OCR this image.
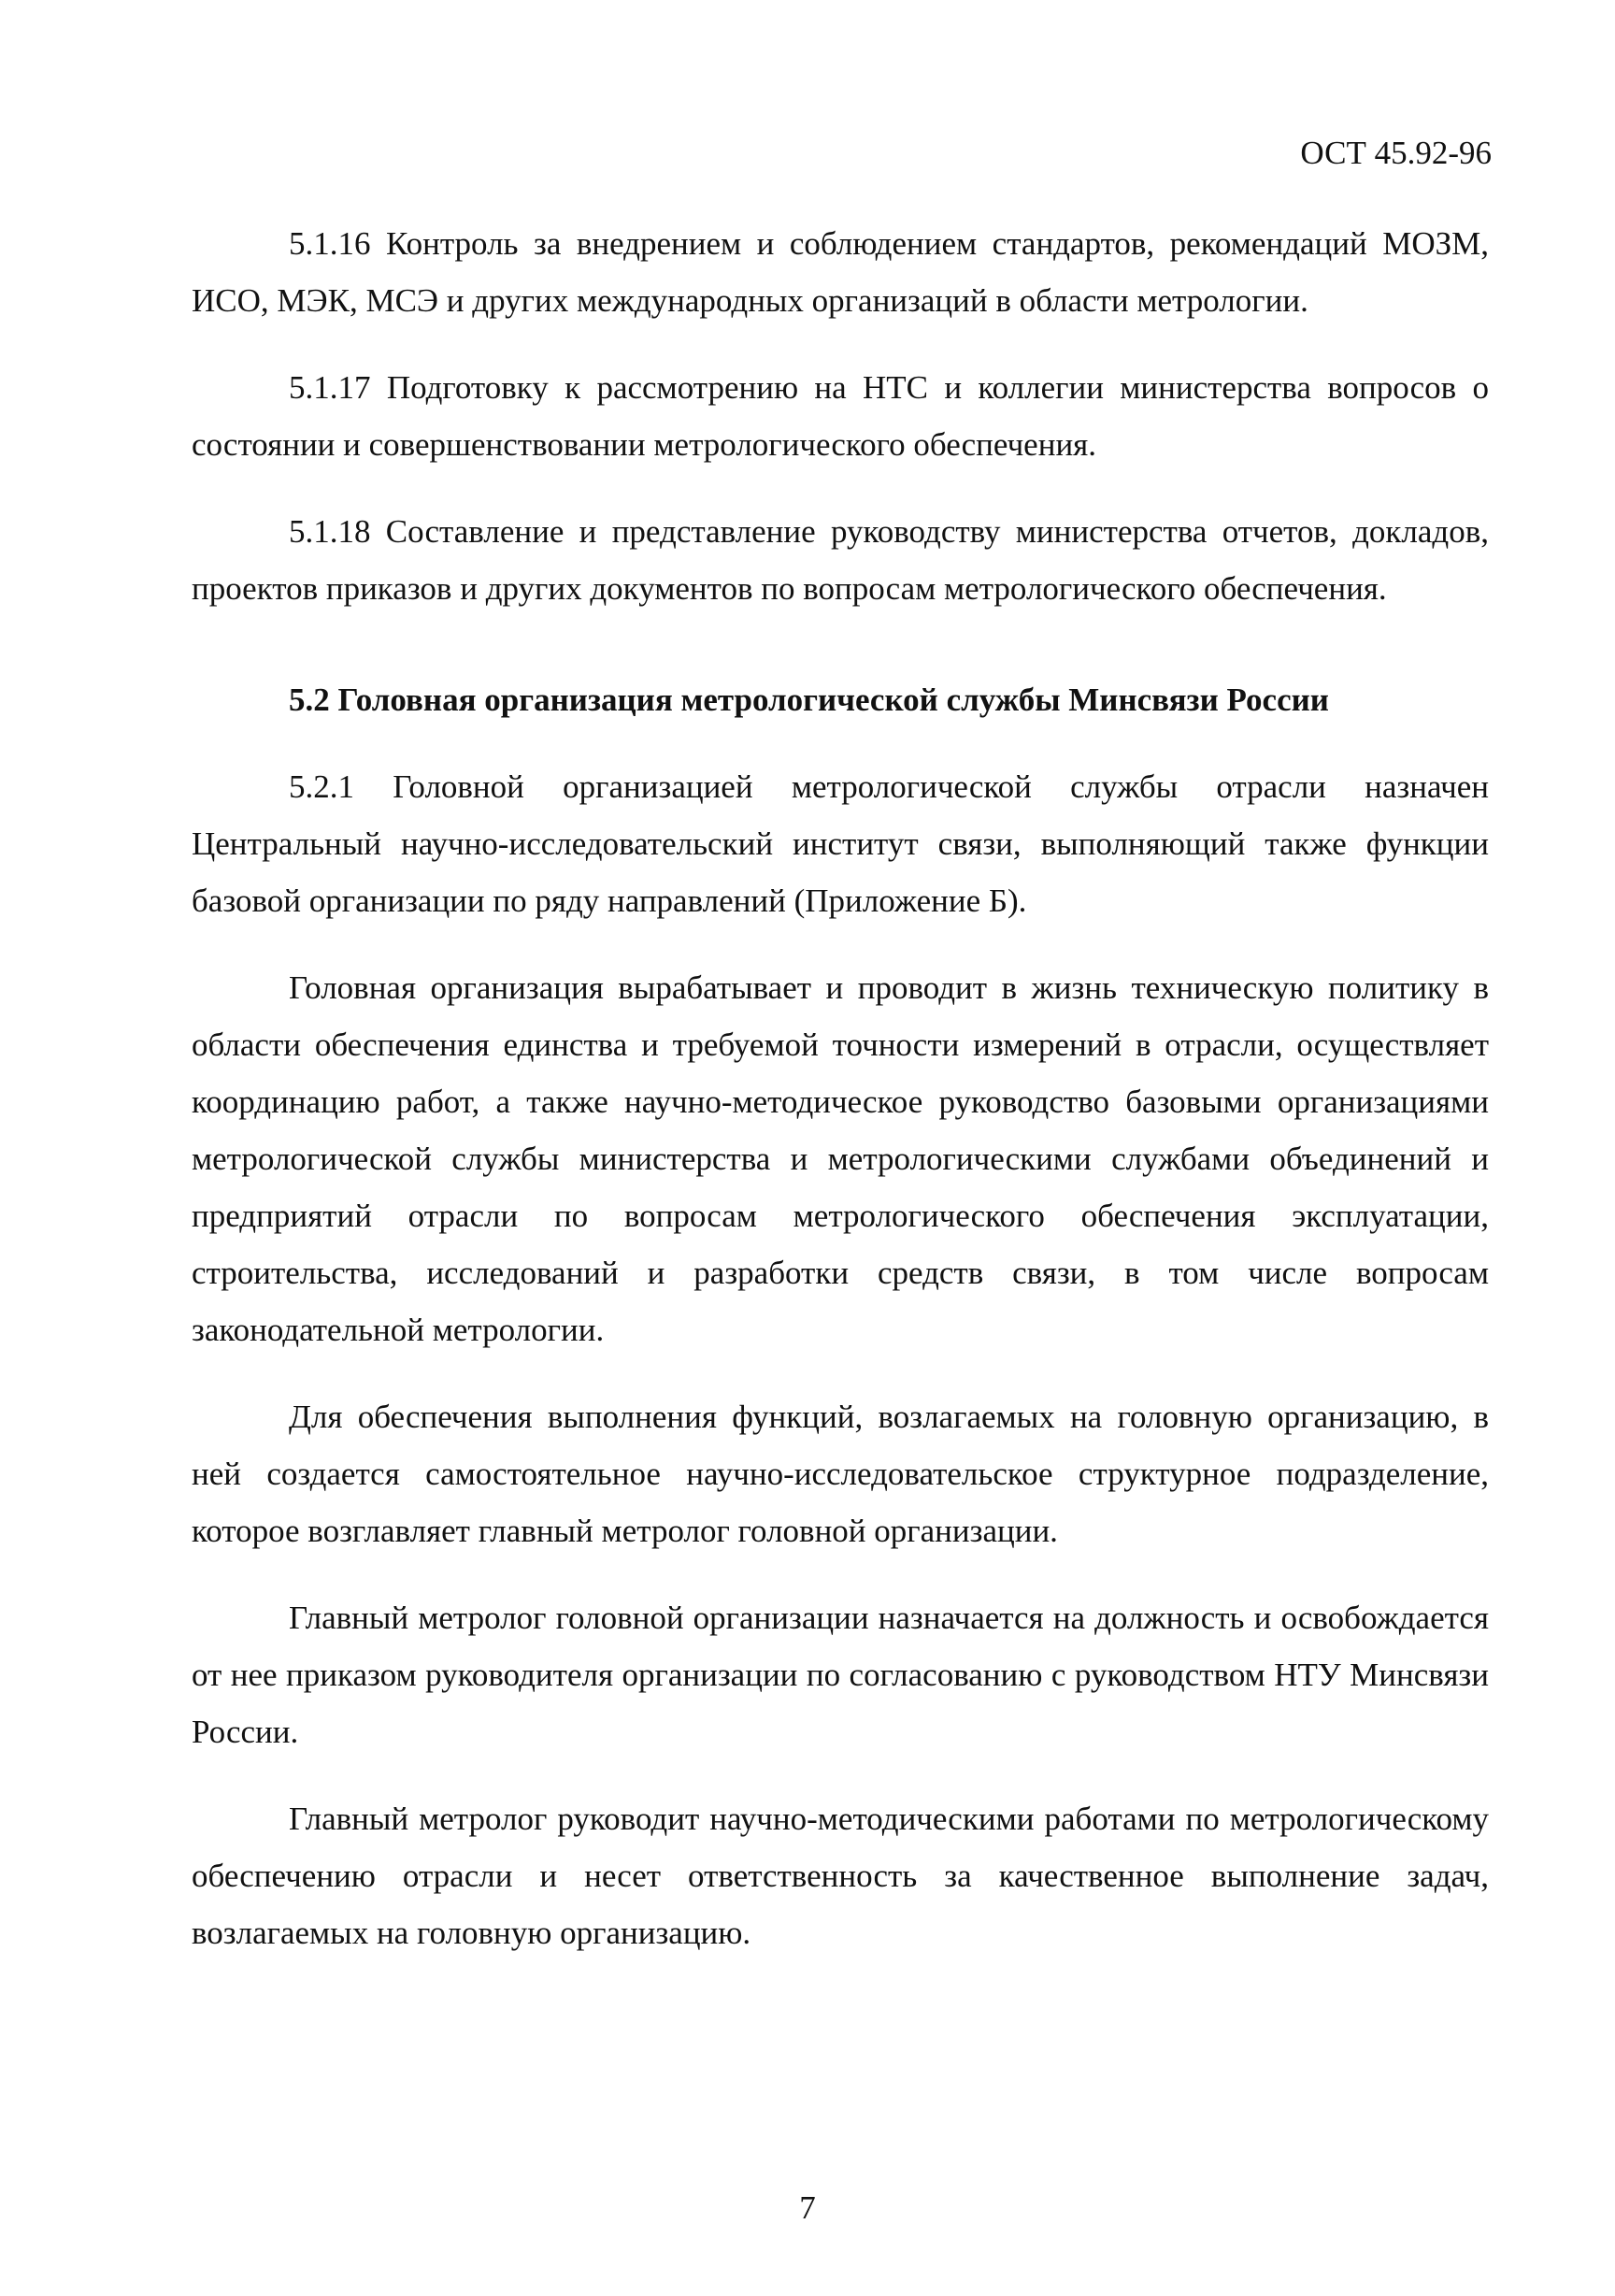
ОСТ 45.92-96

5.1.16 Контроль за внедрением и соблюдением стандартов, рекомендаций МОЗМ, ИСО, МЭК, МСЭ и других международных организаций в области метрологии.

5.1.17 Подготовку к рассмотрению на НТС и коллегии министерства вопросов о состоянии и совершенствовании метрологического обеспечения.

5.1.18 Составление и представление руководству министерства отчетов, докладов, проектов приказов и других документов по вопросам метрологического обеспечения.

5.2 Головная организация метрологической службы Минсвязи России

5.2.1 Головной организацией метрологической службы отрасли назначен Центральный научно-исследовательский институт связи, выполняющий также функции базовой организации по ряду направлений (Приложение Б).

Головная организация вырабатывает и проводит в жизнь техническую политику в области обеспечения единства и требуемой точности измерений в отрасли, осуществляет координацию работ, а также научно-методическое руководство базовыми организациями метрологической службы министерства и метрологическими службами объединений и предприятий отрасли по вопросам метрологического обеспечения эксплуатации, строительства, исследований и разработки средств связи, в том числе вопросам законодательной метрологии.

Для обеспечения выполнения функций, возлагаемых на головную организацию, в ней создается самостоятельное научно-исследовательское структурное подразделение, которое возглавляет главный метролог головной организации.

Главный метролог головной организации назначается на должность и освобождается от нее приказом руководителя организации по согласованию с руководством НТУ Минсвязи России.

Главный метролог руководит научно-методическими работами по метрологическому обеспечению отрасли и несет ответственность за качественное выполнение задач, возлагаемых на головную организацию.

7
